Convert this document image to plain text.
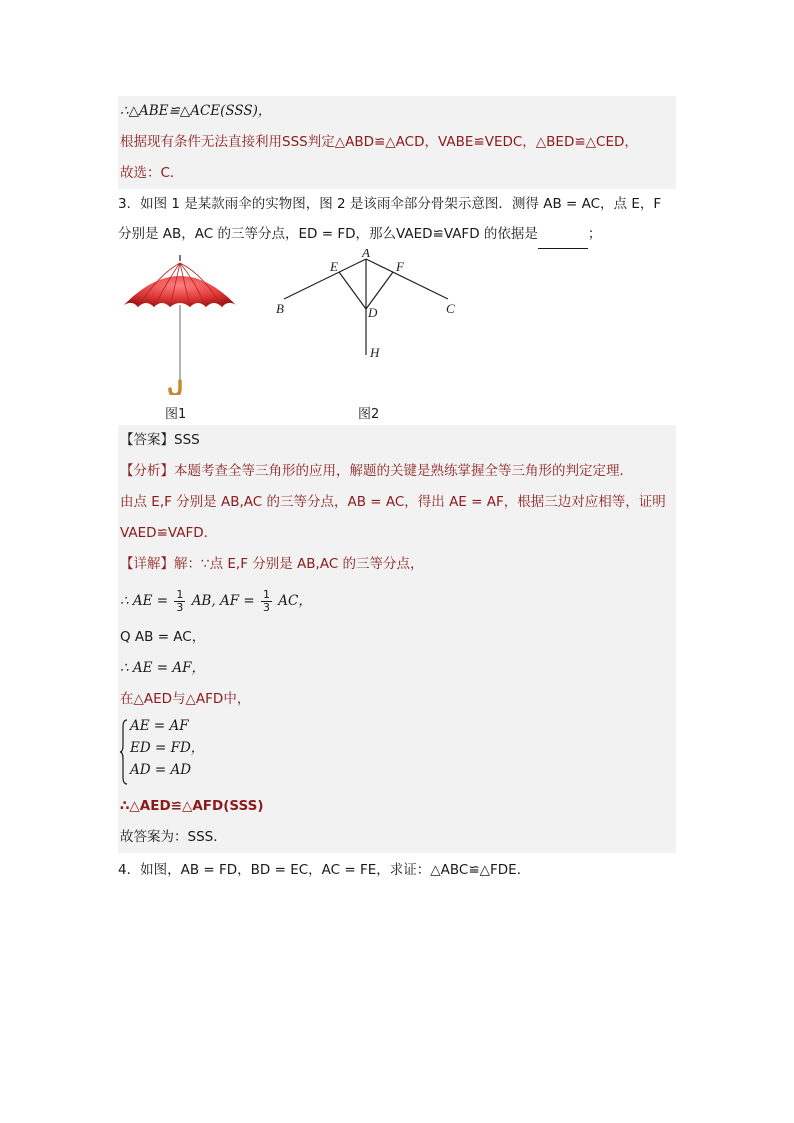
∴△ABE≌△ACE(SSS)，
根据现有条件无法直接利用SSS判定△ABD≌△ACD，VABE≌VEDC，△BED≌△CED，
故选：C．
3．如图 1 是某款雨伞的实物图，图 2 是该雨伞部分骨架示意图．测得 AB = AC，点 E，F
分别是 AB，AC 的三等分点，ED = FD，那么VAED≌VAFD 的依据是	；
A
E	F
B	C
D
H
图1	图2
【答案】SSS
【分析】本题考查全等三角形的应用，解题的关键是熟练掌握全等三角形的判定定理．
由点 E,F 分别是 AB,AC 的三等分点，AB = AC，得出 AE = AF，根据三边对应相等，证明
VAED≌VAFD．
【详解】解：∵点 E,F 分别是 AB,AC 的三等分点，
∴ AE = $\frac{1}{3}$ AB, AF = $\frac{1}{3}$ AC，
Q AB = AC，
∴ AE = AF，
在△AED与△AFD中，
AE = AF
ED = FD，
AD = AD
∴△AED≌△AFD(SSS)
故答案为：SSS．
4．如图，AB = FD，BD = EC，AC = FE，求证：△ABC≌△FDE．
